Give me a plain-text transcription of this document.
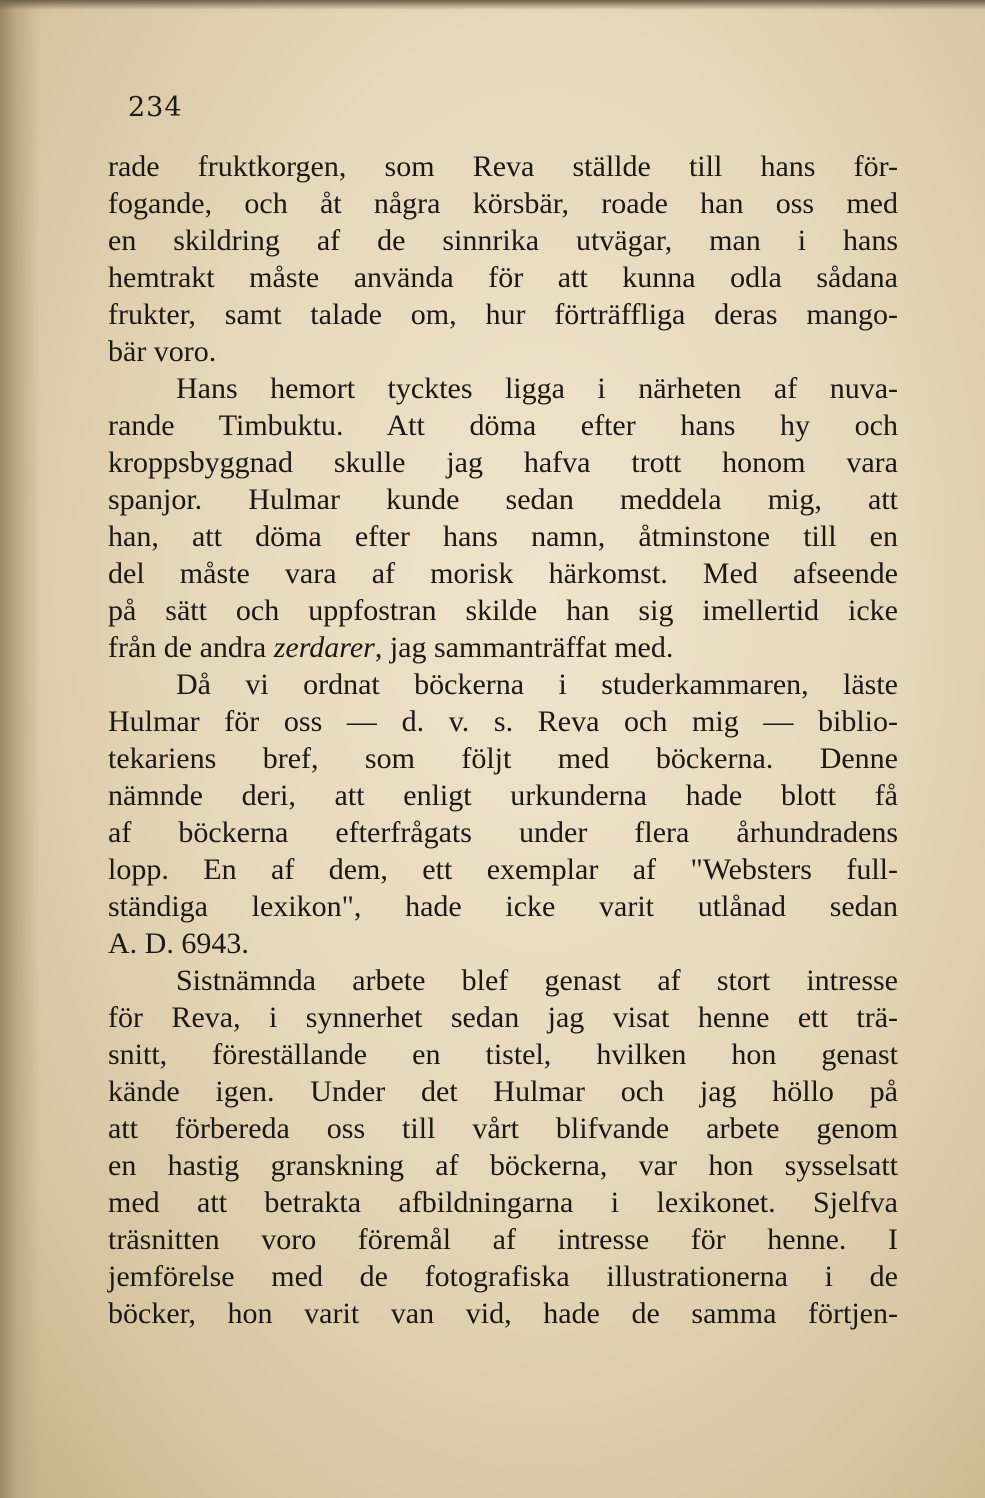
234
rade fruktkorgen, som Reva ställde till hans för-
fogande, och åt några körsbär, roade han oss med
en skildring af de sinnrika utvägar, man i hans
hemtrakt måste använda för att kunna odla sådana
frukter, samt talade om, hur förträffliga deras mango-
bär voro.
Hans hemort tycktes ligga i närheten af nuva-
rande Timbuktu. Att döma efter hans hy och
kroppsbyggnad skulle jag hafva trott honom vara
spanjor. Hulmar kunde sedan meddela mig, att
han, att döma efter hans namn, åtminstone till en
del måste vara af morisk härkomst. Med afseende
på sätt och uppfostran skilde han sig imellertid icke
från de andra zerdarer, jag sammanträffat med.
Då vi ordnat böckerna i studerkammaren, läste
Hulmar för oss — d. v. s. Reva och mig — biblio-
tekariens bref, som följt med böckerna. Denne
nämnde deri, att enligt urkunderna hade blott få
af böckerna efterfrågats under flera århundradens
lopp. En af dem, ett exemplar af "Websters full-
ständiga lexikon", hade icke varit utlånad sedan
A. D. 6943.
Sistnämnda arbete blef genast af stort intresse
för Reva, i synnerhet sedan jag visat henne ett trä-
snitt, föreställande en tistel, hvilken hon genast
kände igen. Under det Hulmar och jag höllo på
att förbereda oss till vårt blifvande arbete genom
en hastig granskning af böckerna, var hon sysselsatt
med att betrakta afbildningarna i lexikonet. Sjelfva
träsnitten voro föremål af intresse för henne. I
jemförelse med de fotografiska illustrationerna i de
böcker, hon varit van vid, hade de samma förtjen-
